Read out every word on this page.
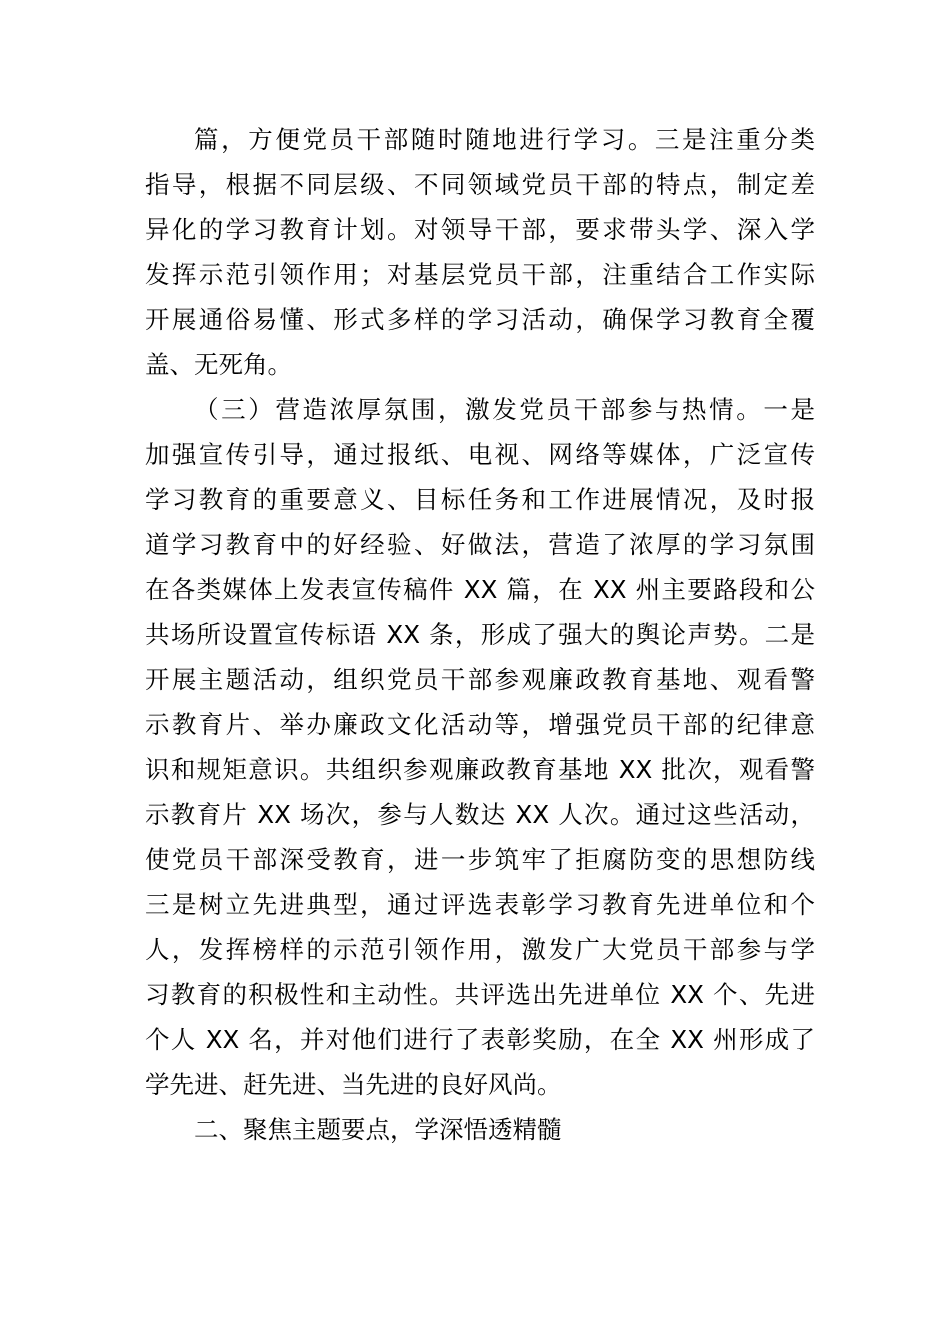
篇，方便党员干部随时随地进行学习。三是注重分类
指导，根据不同层级、不同领域党员干部的特点，制定差
异化的学习教育计划。对领导干部，要求带头学、深入学
发挥示范引领作用；对基层党员干部，注重结合工作实际
开展通俗易懂、形式多样的学习活动，确保学习教育全覆
盖、无死角。
（三）营造浓厚氛围，激发党员干部参与热情。一是
加强宣传引导，通过报纸、电视、网络等媒体，广泛宣传
学习教育的重要意义、目标任务和工作进展情况，及时报
道学习教育中的好经验、好做法，营造了浓厚的学习氛围
在各类媒体上发表宣传稿件 XX 篇，在 XX 州主要路段和公
共场所设置宣传标语 XX 条，形成了强大的舆论声势。二是
开展主题活动，组织党员干部参观廉政教育基地、观看警
示教育片、举办廉政文化活动等，增强党员干部的纪律意
识和规矩意识。共组织参观廉政教育基地 XX 批次，观看警
示教育片 XX 场次，参与人数达 XX 人次。通过这些活动，
使党员干部深受教育，进一步筑牢了拒腐防变的思想防线
三是树立先进典型，通过评选表彰学习教育先进单位和个
人，发挥榜样的示范引领作用，激发广大党员干部参与学
习教育的积极性和主动性。共评选出先进单位 XX 个、先进
个人 XX 名，并对他们进行了表彰奖励，在全 XX 州形成了
学先进、赶先进、当先进的良好风尚。
二、聚焦主题要点，学深悟透精髓
